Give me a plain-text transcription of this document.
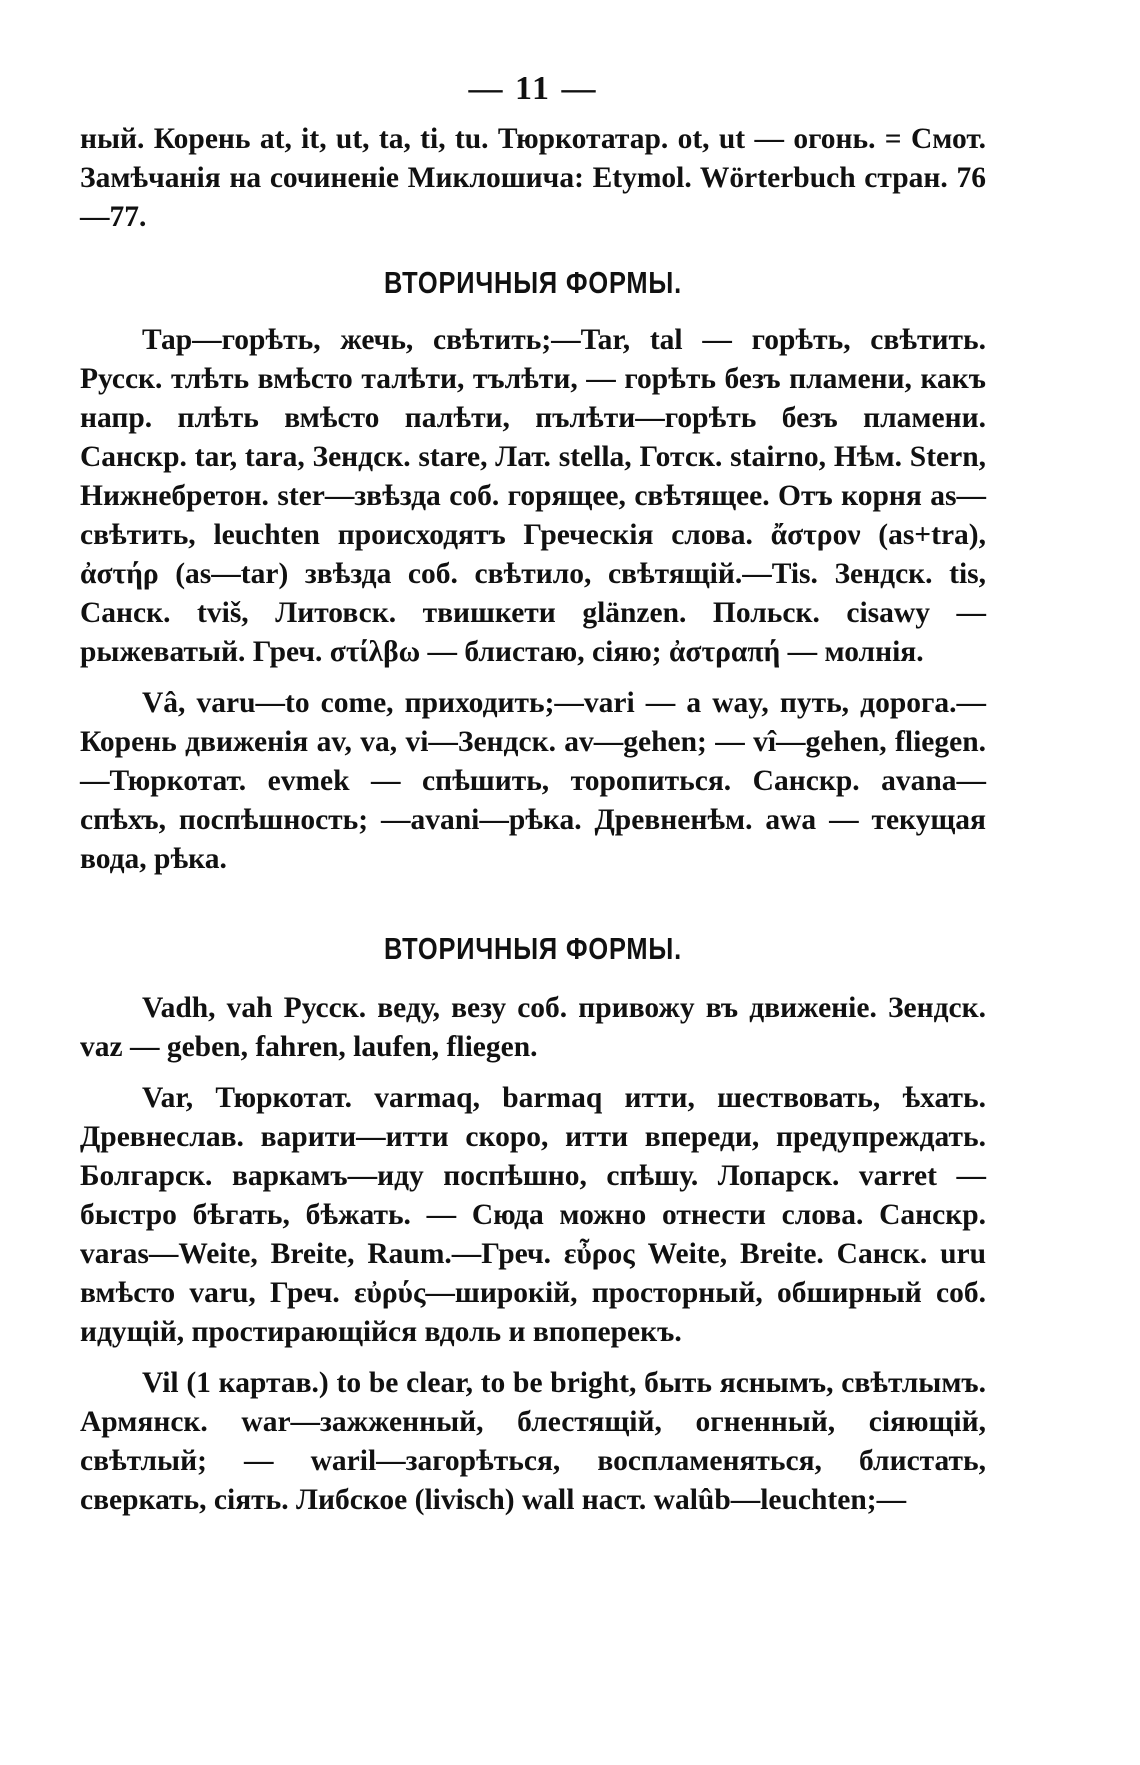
— 11 —

ный. Корень at, it, ut, ta, ti, tu. Тюркотатар. ot, ut — огонь. = Смот. Замѣчанія на сочиненіе Миклошича: Etymol. Wörterbuch стран. 76—77.

ВТОРИЧНЫЯ ФОРМЫ.

Тар—горѣть, жечь, свѣтить;—Tar, tal — горѣть, свѣтить. Русск. тлѣть вмѣсто талѣти, тълѣти, — горѣть безъ пламени, какъ напр. плѣть вмѣсто палѣти, пълѣти—горѣть безъ пламени. Санскр. tar, tara, Зендск. stare, Лат. stella, Готск. stairno, Нѣм. Stern, Нижнебретон. ster—звѣзда соб. горящее, свѣтящее. Отъ корня as—свѣтить, leuchten происходятъ Греческія слова. ἄστρον (as+tra), ἀστήρ (as—tar) звѣзда соб. свѣтило, свѣтящій.—Tis. Зендск. tis, Санск. tviš, Литовск. твишкети glänzen. Польск. cisawy — рыжеватый. Греч. στίλβω — блистаю, сіяю; ἀστραπή — молнія.

Vâ, varu—to come, приходить;—vari — a way, путь, дорога.— Корень движенія av, va, vi—Зендск. av—gehen; — vî—gehen, fliegen.—Тюркотат. evmek — спѣшить, торопиться. Санскр. avana— спѣхъ, поспѣшность; —avani—рѣка. Древненѣм. awa — текущая вода, рѣка.

ВТОРИЧНЫЯ ФОРМЫ.

Vadh, vah Русск. веду, везу соб. привожу въ движеніе. Зендск. vaz — geben, fahren, laufen, fliegen.

Var, Тюркотат. varmaq, barmaq итти, шествовать, ѣхать. Древнеслав. варити—итти скоро, итти впереди, предупреждать. Болгарск. варкамъ—иду поспѣшно, спѣшу. Лопарск. varret — быстро бѣгать, бѣжать. — Сюда можно отнести слова. Санскр. varas—Weite, Breite, Raum.—Греч. εὖρος Weite, Breite. Санск. uru вмѣсто varu, Греч. εὐρύς—широкій, просторный, обширный соб. идущій, простирающійся вдоль и впоперекъ.

Vil (1 картав.) to be clear, to be bright, быть яснымъ, свѣтлымъ. Армянск. war—зажженный, блестящій, огненный, сіяющій, свѣтлый; — waril—загорѣться, воспламеняться, блистать, сверкать, сіять. Либское (livisch) wall наст. walûb—leuchten;—
